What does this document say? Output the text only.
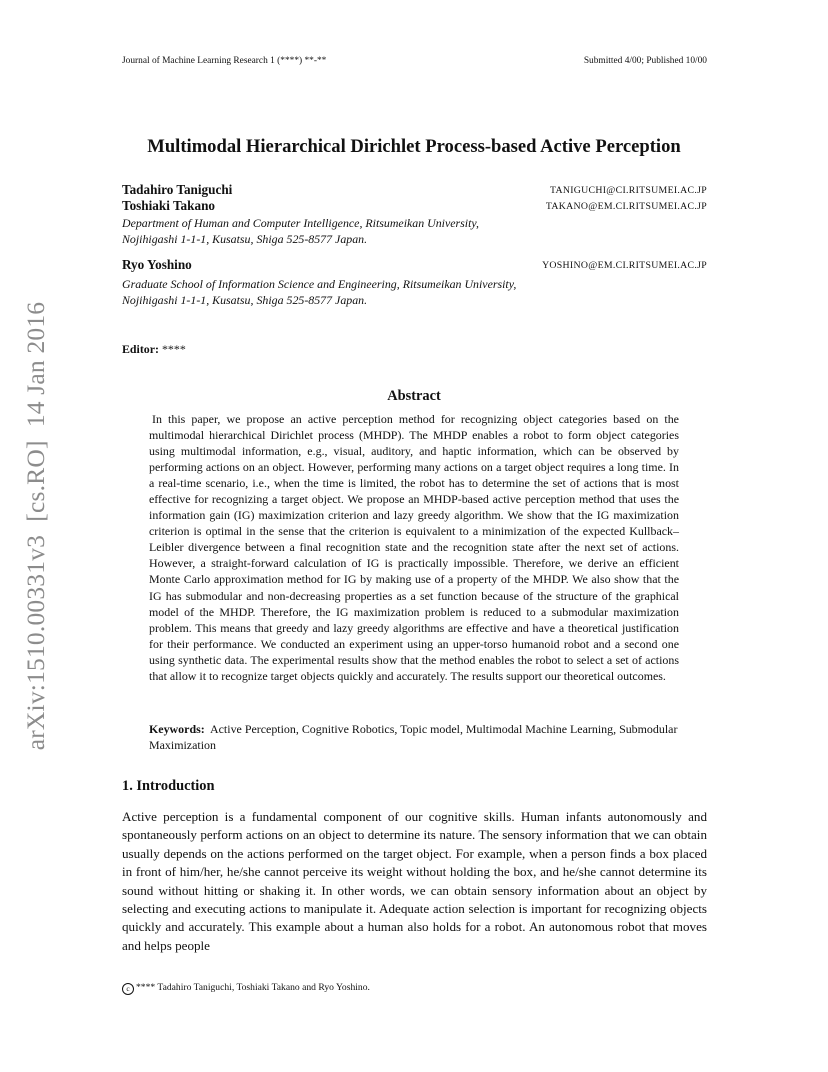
Journal of Machine Learning Research 1 (****) **-**	Submitted 4/00; Published 10/00
Multimodal Hierarchical Dirichlet Process-based Active Perception
Tadahiro Taniguchi	TANIGUCHI@CI.RITSUMEI.AC.JP
Toshiaki Takano	TAKANO@EM.CI.RITSUMEI.AC.JP
Department of Human and Computer Intelligence, Ritsumeikan University,
Nojihigashi 1-1-1, Kusatsu, Shiga 525-8577 Japan.
Ryo Yoshino	YOSHINO@EM.CI.RITSUMEI.AC.JP
Graduate School of Information Science and Engineering, Ritsumeikan University,
Nojihigashi 1-1-1, Kusatsu, Shiga 525-8577 Japan.
Editor: ****
Abstract

In this paper, we propose an active perception method for recognizing object categories based on the multimodal hierarchical Dirichlet process (MHDP). The MHDP enables a robot to form object categories using multimodal information, e.g., visual, auditory, and haptic information, which can be observed by performing actions on an object. However, performing many actions on a target object requires a long time. In a real-time scenario, i.e., when the time is limited, the robot has to determine the set of actions that is most effective for recognizing a target object. We propose an MHDP-based active perception method that uses the information gain (IG) maximization criterion and lazy greedy algorithm. We show that the IG maximization criterion is optimal in the sense that the criterion is equivalent to a minimization of the expected Kullback–Leibler divergence between a final recognition state and the recognition state after the next set of actions. However, a straight-forward calculation of IG is practically impossible. Therefore, we derive an efficient Monte Carlo approximation method for IG by making use of a property of the MHDP. We also show that the IG has submodular and non-decreasing properties as a set function because of the structure of the graphical model of the MHDP. Therefore, the IG maximization problem is reduced to a submodular maximization problem. This means that greedy and lazy greedy algorithms are effective and have a theoretical justification for their performance. We conducted an experiment using an upper-torso humanoid robot and a second one using synthetic data. The experimental results show that the method enables the robot to select a set of actions that allow it to recognize target objects quickly and accurately. The results support our theoretical outcomes.

Keywords: Active Perception, Cognitive Robotics, Topic model, Multimodal Machine Learning, Submodular Maximization
1. Introduction

Active perception is a fundamental component of our cognitive skills. Human infants autonomously and spontaneously perform actions on an object to determine its nature. The sensory information that we can obtain usually depends on the actions performed on the target object. For example, when a person finds a box placed in front of him/her, he/she cannot perceive its weight without holding the box, and he/she cannot determine its sound without hitting or shaking it. In other words, we can obtain sensory information about an object by selecting and executing actions to manipulate it. Adequate action selection is important for recognizing objects quickly and accurately. This example about a human also holds for a robot. An autonomous robot that moves and helps people

c **** Tadahiro Taniguchi, Toshiaki Takano and Ryo Yoshino.
arXiv:1510.00331v3  [cs.RO]  14 Jan 2016
